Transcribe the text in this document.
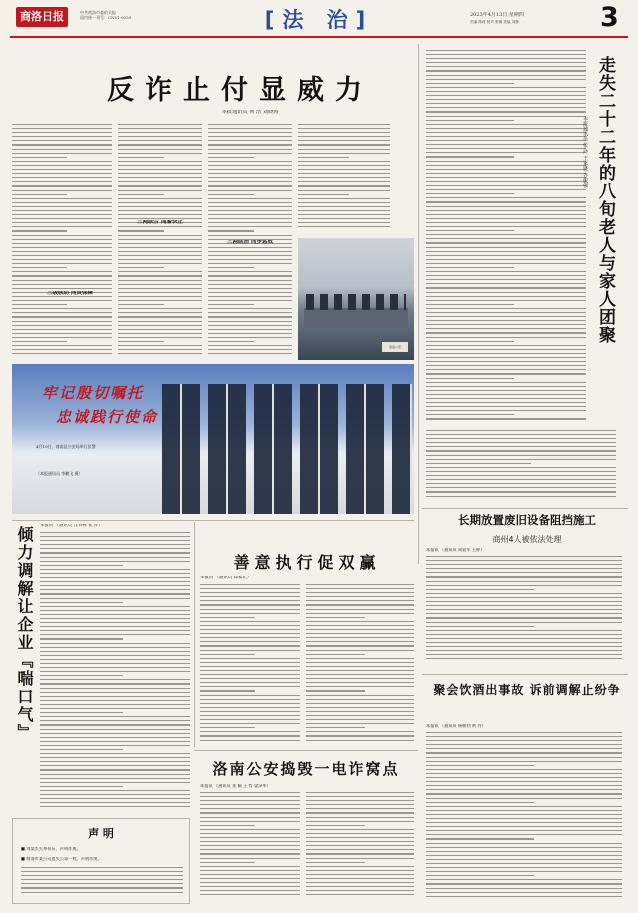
商洛日报	中共商洛市委机关报
国内统一刊号：CN61-0059	[法 治]	2023年4月13日 星期四
责编 陈莉 校对 张娜 美编 刘静	3
反诈止付显威力
本报通讯员 何 浩 刘晓涛
三级联动 同责保障
三网联合 闻警快止
三网联治 同步惩戒
商洛公安
走失二十二年的八旬老人与家人团聚
本报通讯员 张 玲 王家盛 齐俊强
牢记殷切嘱托
忠诚践行使命
4月10日，商南县公安局举行民警
（本报通讯员 李鹏飞 摄）
倾力调解让企业『喘口气』
本报讯 （通讯员 江书林 崔 萍）
善意执行促双赢
本报讯 （通讯员 郑家让）
长期放置废旧设备阻挡施工
商州4人被依法处理
本报讯 （通讯员 周显军 王婷）
聚会饮酒出事故 诉前调解止纷争
本报讯 （通讯员 杨朝利 黄 丹）
洛南公安捣毁一电诈窝点
本报讯 （通讯员 张 颖 王 哲 梁泽华）
声 明
■ 刘某丢失身份证，声明作废。
■ 商洛市某公司遗失公章一枚，声明作废。
